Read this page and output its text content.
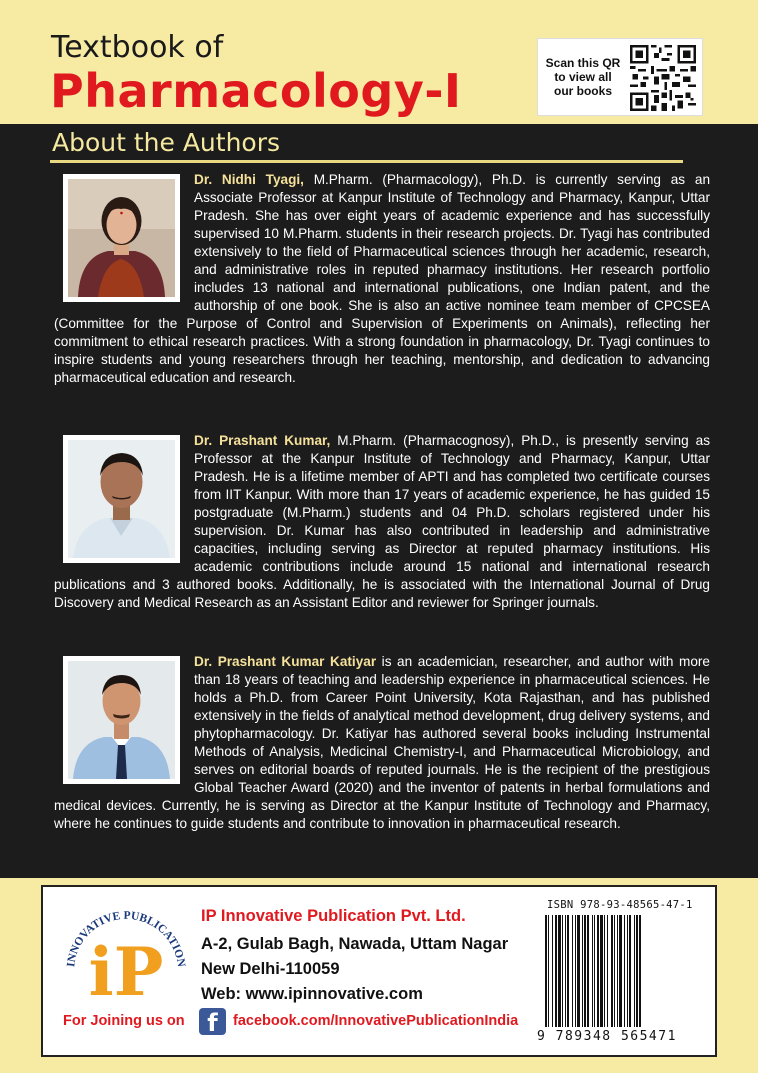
Textbook of
Pharmacology-I
Scan this QR
to view all
our books
About the Authors
Dr. Nidhi Tyagi, M.Pharm. (Pharmacology), Ph.D. is currently serving as an Associate Professor at Kanpur Institute of Technology and Pharmacy, Kanpur, Uttar Pradesh. She has over eight years of academic experience and has successfully supervised 10 M.Pharm. students in their research projects. Dr. Tyagi has contributed extensively to the field of Pharmaceutical sciences through her academic, research, and administrative roles in reputed pharmacy institutions. Her research portfolio includes 13 national and international publications, one Indian patent, and the authorship of one book. She is also an active nominee team member of CPCSEA (Committee for the Purpose of Control and Supervision of Experiments on Animals), reflecting her commitment to ethical research practices. With a strong foundation in pharmacology, Dr. Tyagi continues to inspire students and young researchers through her teaching, mentorship, and dedication to advancing pharmaceutical education and research.
Dr. Prashant Kumar, M.Pharm. (Pharmacognosy), Ph.D., is presently serving as Professor at the Kanpur Institute of Technology and Pharmacy, Kanpur, Uttar Pradesh. He is a lifetime member of APTI and has completed two certificate courses from IIT Kanpur. With more than 17 years of academic experience, he has guided 15 postgraduate (M.Pharm.) students and 04 Ph.D. scholars registered under his supervision. Dr. Kumar has also contributed in leadership and administrative capacities, including serving as Director at reputed pharmacy institutions. His academic contributions include around 15 national and international research publications and 3 authored books. Additionally, he is associated with the International Journal of Drug Discovery and Medical Research as an Assistant Editor and reviewer for Springer journals.
Dr. Prashant Kumar Katiyar is an academician, researcher, and author with more than 18 years of teaching and leadership experience in pharmaceutical sciences. He holds a Ph.D. from Career Point University, Kota Rajasthan, and has published extensively in the fields of analytical method development, drug delivery systems, and phytopharmacology. Dr. Katiyar has authored several books including Instrumental Methods of Analysis, Medicinal Chemistry-I, and Pharmaceutical Microbiology, and serves on editorial boards of reputed journals. He is the recipient of the prestigious Global Teacher Award (2020) and the inventor of patents in herbal formulations and medical devices. Currently, he is serving as Director at the Kanpur Institute of Technology and Pharmacy, where he continues to guide students and contribute to innovation in pharmaceutical research.
INNOVATIVE PUBLICATION
iP
IP Innovative Publication Pvt. Ltd.
A-2, Gulab Bagh, Nawada, Uttam Nagar
New Delhi-110059
Web: www.ipinnovative.com
For Joining us on f	facebook.com/InnovativePublicationIndia
ISBN 978-93-48565-47-1
9 789348 565471
